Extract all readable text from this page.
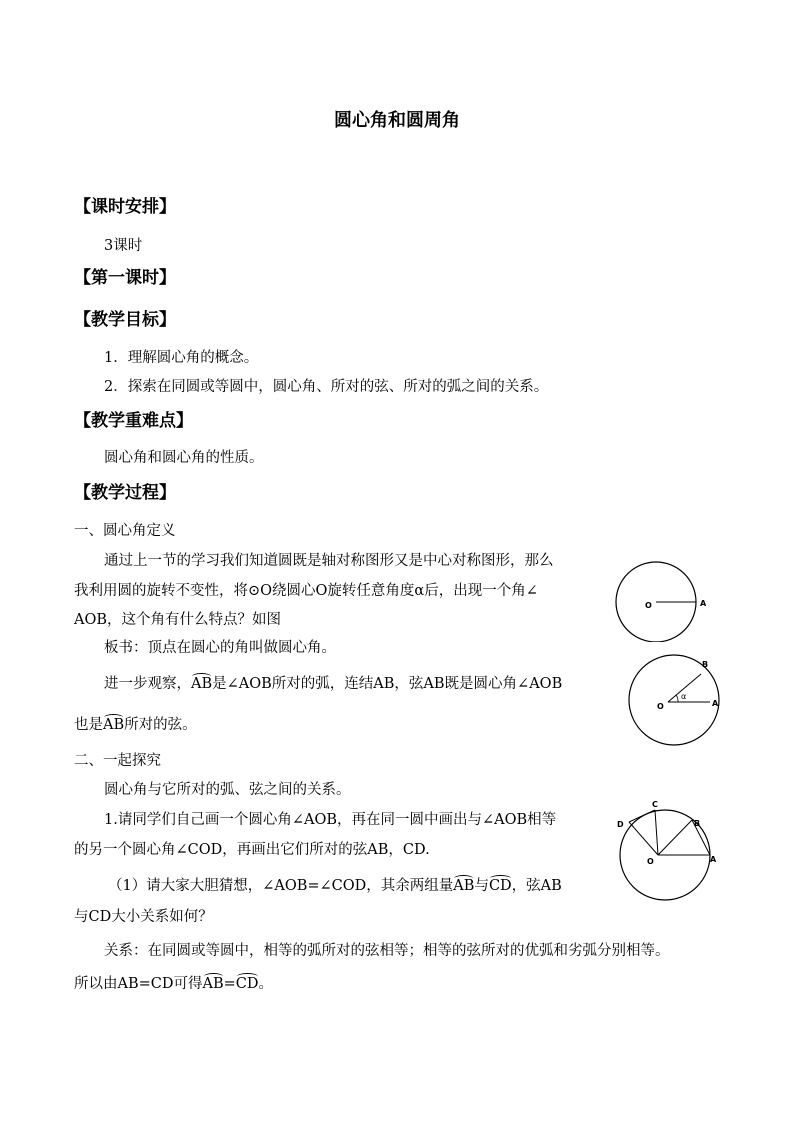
圆心角和圆周角
【课时安排】
3课时
【第一课时】
【教学目标】
1．理解圆心角的概念。
2．探索在同圆或等圆中，圆心角、所对的弦、所对的弧之间的关系。
【教学重难点】
圆心角和圆心角的性质。
【教学过程】
一、圆心角定义
通过上一节的学习我们知道圆既是轴对称图形又是中心对称图形，那么
我利用圆的旋转不变性，将⊙O绕圆心O旋转任意角度α后，出现一个角∠
AOB，这个角有什么特点？如图
板书：顶点在圆心的角叫做圆心角。
进一步观察，AB是∠AOB所对的弧，连结AB，弦AB既是圆心角∠AOB
也是AB所对的弦。
二、一起探究
圆心角与它所对的弧、弦之间的关系。
1.请同学们自己画一个圆心角∠AOB，再在同一圆中画出与∠AOB相等
的另一个圆心角∠COD，再画出它们所对的弦AB，CD.
（1）请大家大胆猜想，∠AOB=∠COD，其余两组量AB与CD，弦AB
与CD大小关系如何？
关系：在同圆或等圆中，相等的弧所对的弦相等；相等的弦所对的优弧和劣弧分别相等。
所以由AB=CD可得AB=CD。
O	A
O	A
B
α
O	A
B
C
D
